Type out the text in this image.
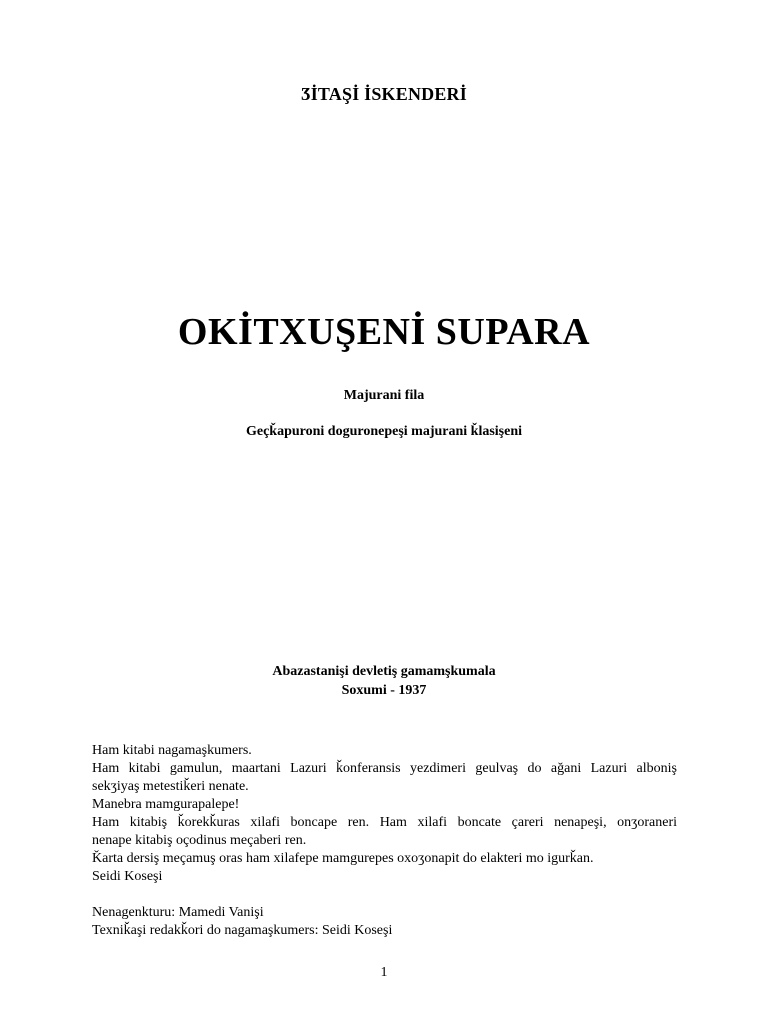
ӠİTAŞİ İSKENDERİ
OKİTXUŞENİ SUPARA
Majurani fila
Geçǩapuroni doguronepeşi majurani ǩlasişeni
Abazastanişi devletiş gamamşkumala
Soxumi - 1937
Ham kitabi nagamaşkumers.
Ham kitabi gamulun, maartani Lazuri ǩonferansis yezdimeri geulvaş do ağani Lazuri alboniş
sekӡiyaş metestiǩeri nenate.
Manebra mamgurapalepe!
Ham kitabiş ǩorekǩuras xilafi boncape ren. Ham xilafi boncate çareri nenapeşi, onӡoraneri
nenape kitabiş oçodinus meçaberi ren.
Ǩarta dersiş meçamuş oras ham xilafepe mamgurepes oxoӡonapit do elakteri mo igurǩan.
Seidi Koseşi
Nenagenkturu: Mamedi Vanişi
Texniǩaşi redakǩori do nagamaşkumers: Seidi Koseşi
1
